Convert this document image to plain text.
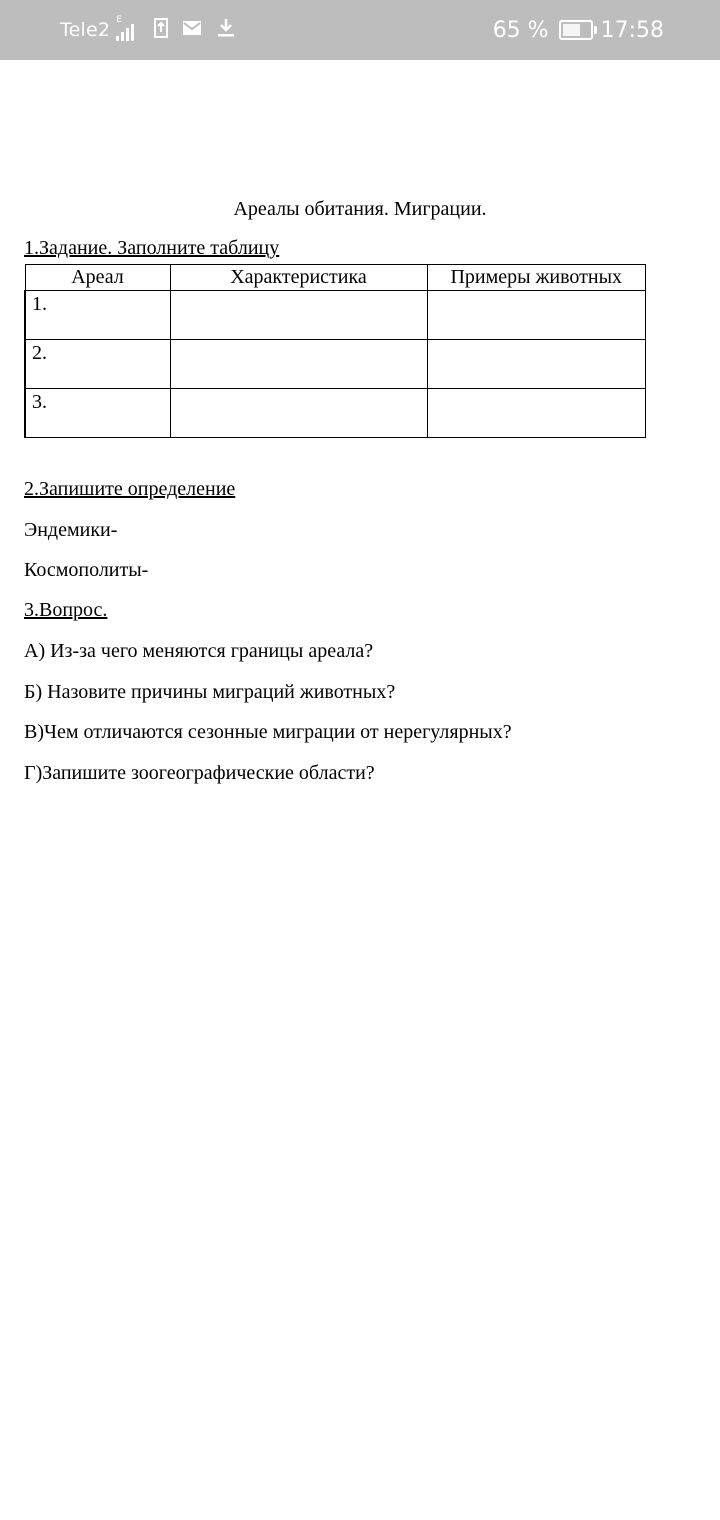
Tele2 E	65 % 17:58
Ареалы обитания. Миграции.
1.Задание. Заполните таблицу
Ареал	Характеристика	Примеры животных
1.		
2.		
3.		
2.Запишите определение
Эндемики-
Космополиты-
3.Вопрос.
А) Из-за чего меняются границы ареала?
Б) Назовите причины миграций животных?
В)Чем отличаются сезонные миграции от нерегулярных?
Г)Запишите зоогеографические области?
